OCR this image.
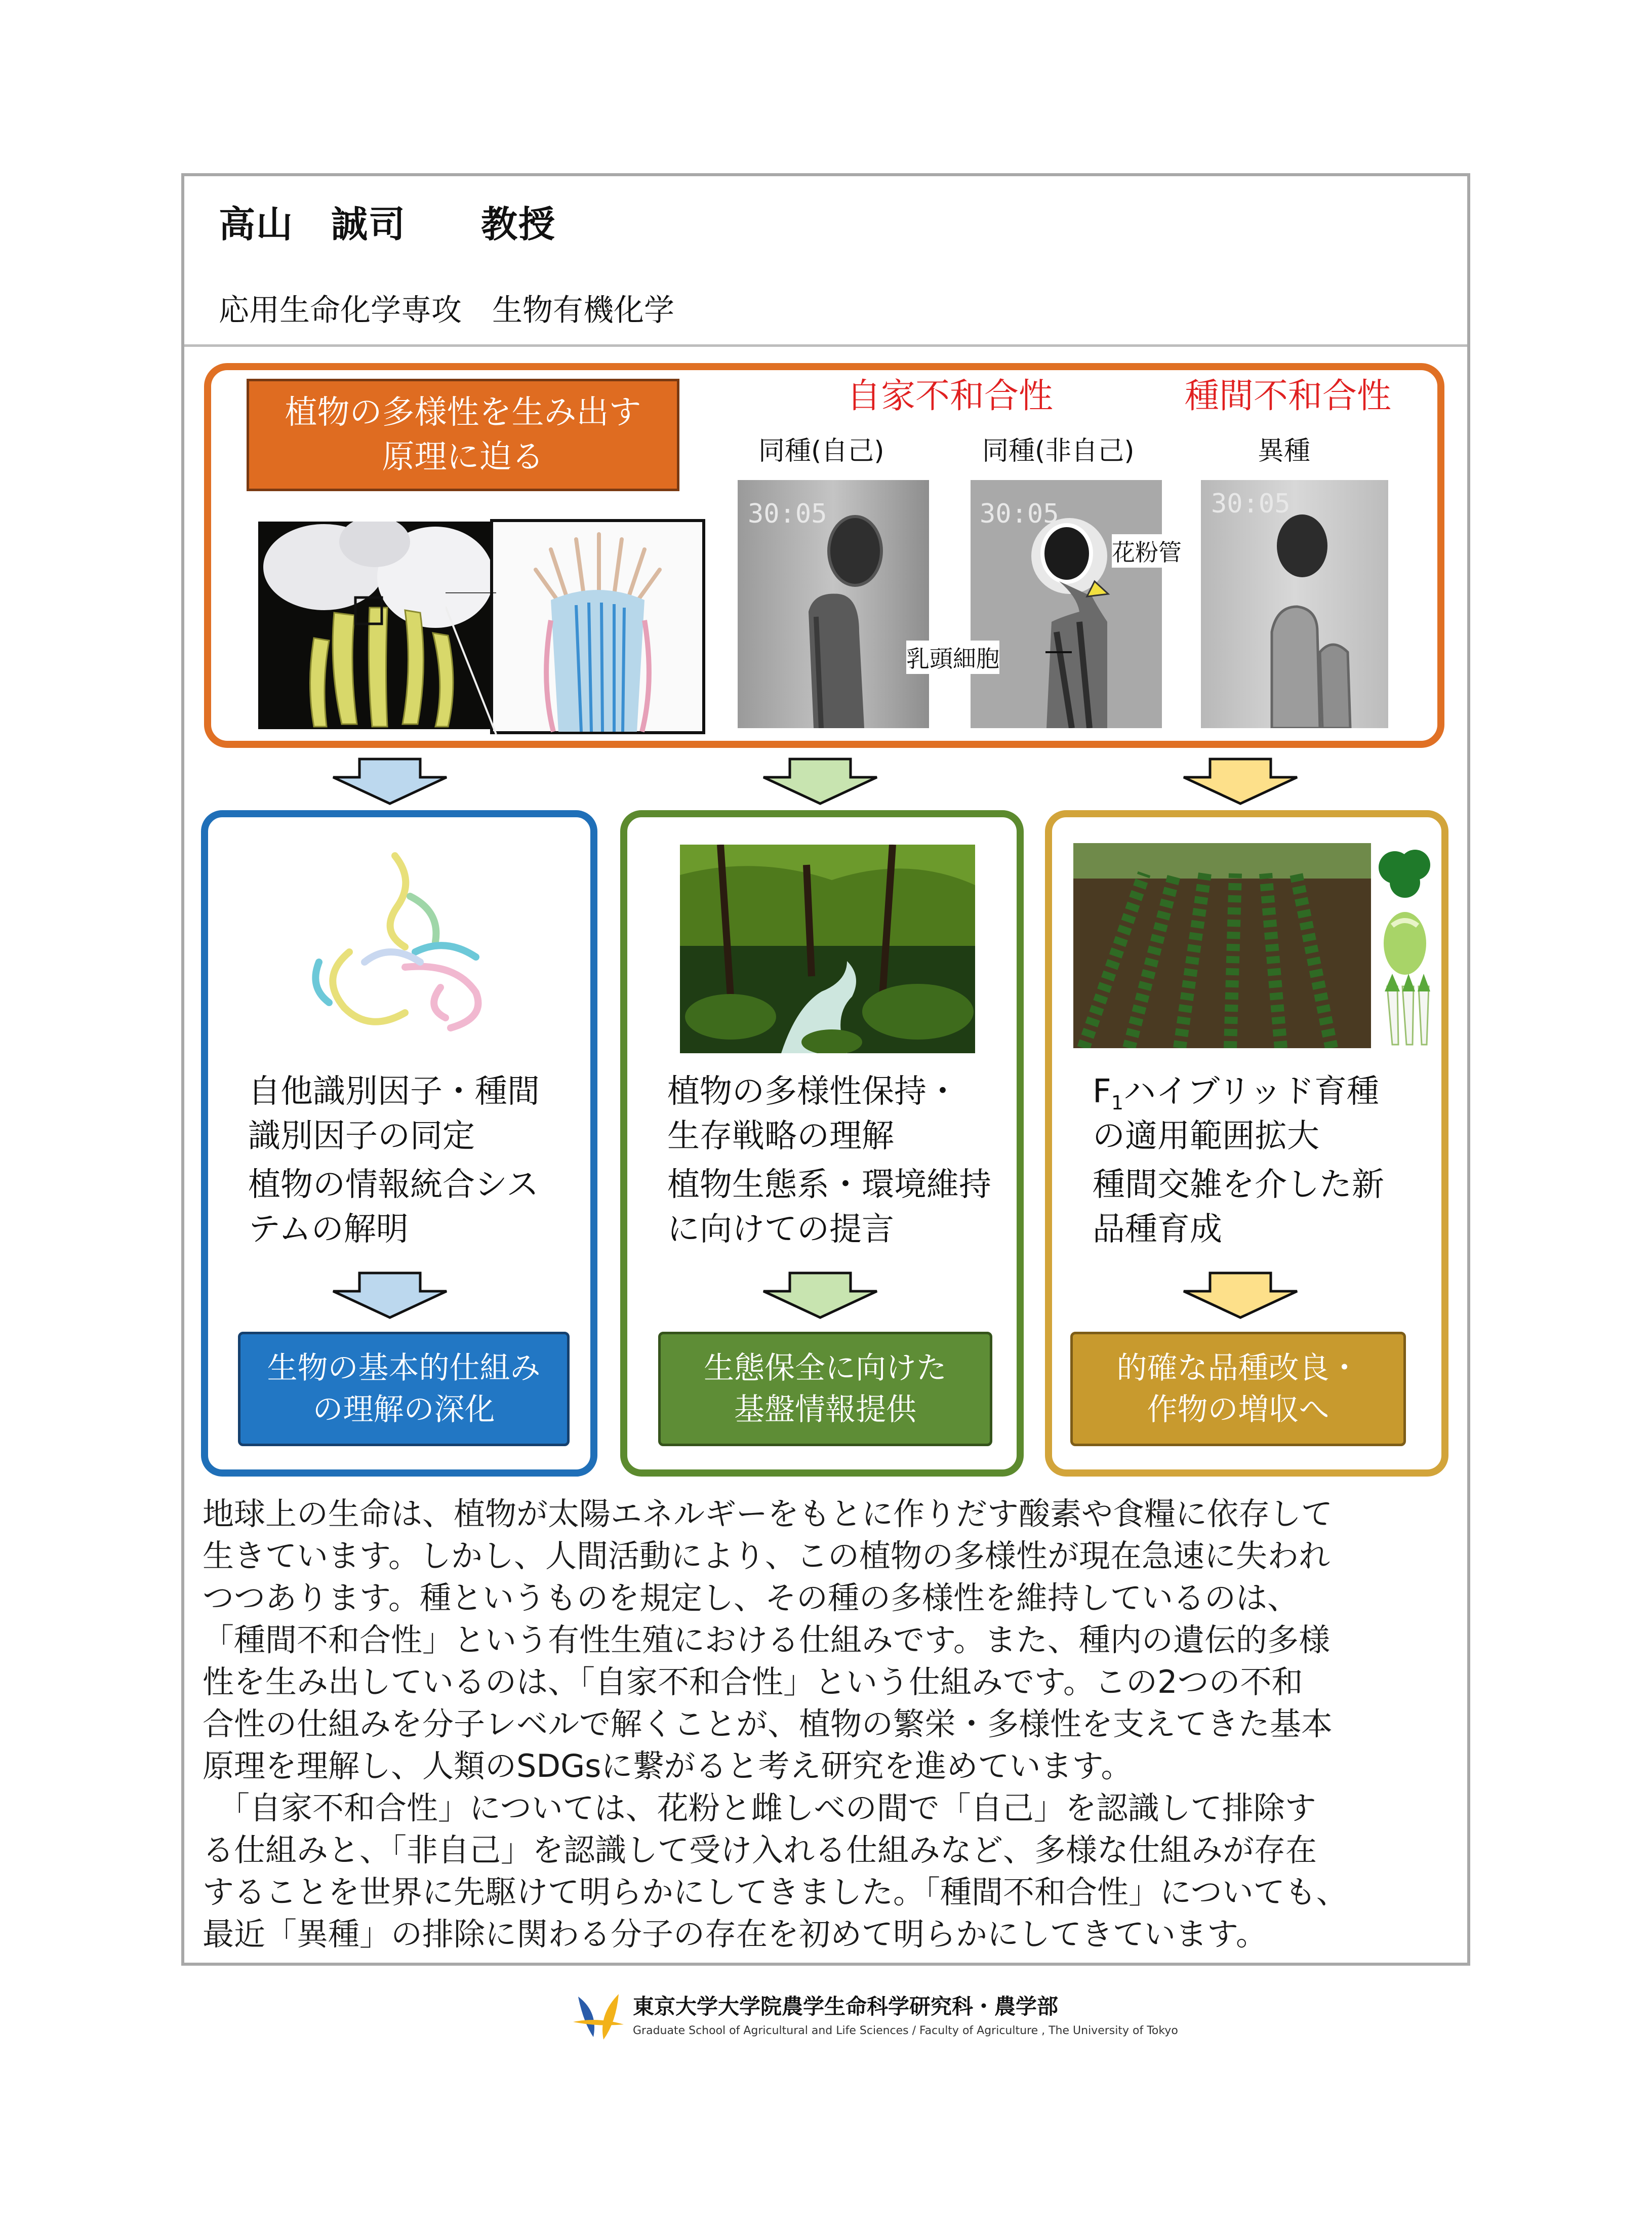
高山　誠司　　 教授
応用生命化学専攻　生物有機化学
植物の多様性を生み出す
原理に迫る
自家不和合性	種間不和合性
同種(自己)	同種(非自己)	異種
30:05	30:05
花粉管
乳頭細胞
30:05
自他識別因子・種間
識別因子の同定
植物の情報統合シス
テムの解明
生物の基本的仕組み
の理解の深化
植物の多様性保持・
生存戦略の理解
植物生態系・環境維持
に向けての提言
生態保全に向けた
基盤情報提供
$F_1$ハイブリッド育種
の適用範囲拡大
種間交雑を介した新
品種育成
的確な品種改良・
作物の増収へ
地球上の生命は、植物が太陽エネルギーをもとに作りだす酸素や食糧に依存して
生きています。しかし、人間活動により、この植物の多様性が現在急速に失われ
つつあります。種というものを規定し、その種の多様性を維持しているのは、
「種間不和合性」という有性生殖における仕組みです。また、種内の遺伝的多様
性を生み出しているのは、「自家不和合性」という仕組みです。この2つの不和
合性の仕組みを分子レベルで解くことが、植物の繁栄・多様性を支えてきた基本
原理を理解し、人類のSDGsに繋がると考え研究を進めています。
　「自家不和合性」については、花粉と雌しべの間で「自己」を認識して排除す
る仕組みと、「非自己」を認識して受け入れる仕組みなど、多様な仕組みが存在
することを世界に先駆けて明らかにしてきました。「種間不和合性」についても、
最近「異種」の排除に関わる分子の存在を初めて明らかにしてきています。
東京大学大学院農学生命科学研究科・農学部
Graduate School of Agricultural and Life Sciences / Faculty of Agriculture , The University of Tokyo
